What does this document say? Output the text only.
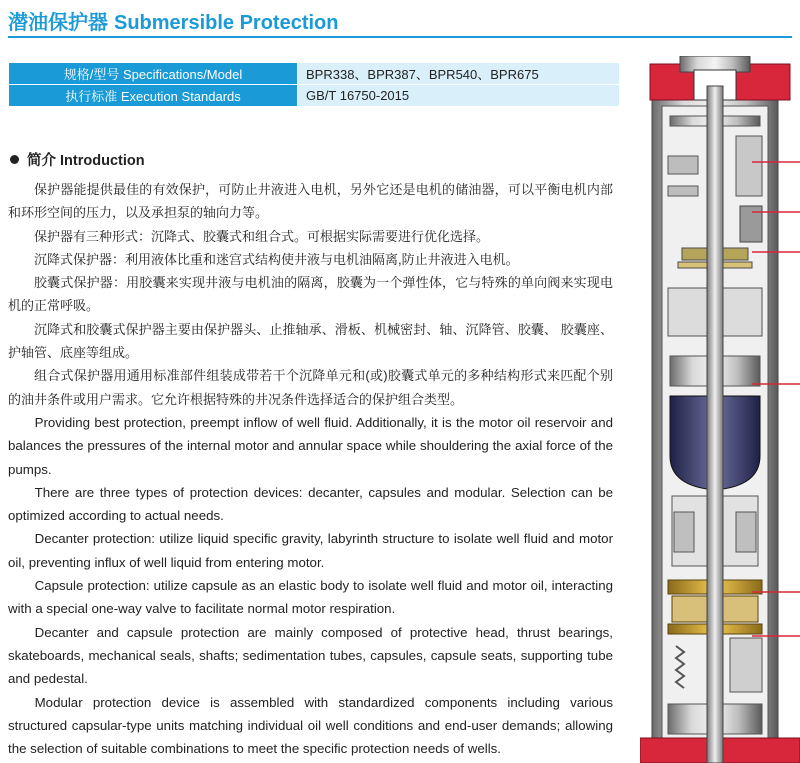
潜油保护器 Submersible Protection
规格/型号 Specifications/Model	BPR338、BPR387、BPR540、BPR675
执行标准 Execution Standards	GB/T 16750-2015
简介 Introduction

保护器能提供最佳的有效保护，可防止井液进入电机，另外它还是电机的储油器，可以平衡电机内部和环形空间的压力，以及承担泵的轴向力等。

保护器有三种形式：沉降式、胶囊式和组合式。可根据实际需要进行优化选择。

沉降式保护器：利用液体比重和迷宫式结构使井液与电机油隔离,防止井液进入电机。

胶囊式保护器：用胶囊来实现井液与电机油的隔离，胶囊为一个弹性体，它与特殊的单向阀来实现电机的正常呼吸。

沉降式和胶囊式保护器主要由保护器头、止推轴承、滑板、机械密封、轴、沉降管、胶囊、 胶囊座、护轴管、底座等组成。

组合式保护器用通用标准部件组装成带若干个沉降单元和(或)胶囊式单元的多种结构形式来匹配个别的油井条件或用户需求。它允许根据特殊的井况条件选择适合的保护组合类型。

Providing best protection, preempt inflow of well fluid. Additionally, it is the motor oil reservoir and balances the pressures of the internal motor and annular space while shouldering the axial force of the pumps.

There are three types of protection devices: decanter, capsules and modular. Selection can be optimized according to actual needs.

Decanter protection: utilize liquid specific gravity, labyrinth structure to isolate well fluid and motor oil, preventing influx of well liquid from entering motor.

Capsule protection: utilize capsule as an elastic body to isolate well fluid and motor oil, interacting with a special one-way valve to facilitate normal motor respiration.

Decanter and capsule protection are mainly composed of protective head, thrust bearings, skateboards, mechanical seals, shafts; sedimentation tubes, capsules, capsule seats, supporting tube and pedestal.

Modular protection device is assembled with standardized components including various structured capsular-type units matching individual oil well conditions and end-user demands; allowing the selection of suitable combinations to meet the specific protection needs of wells.
